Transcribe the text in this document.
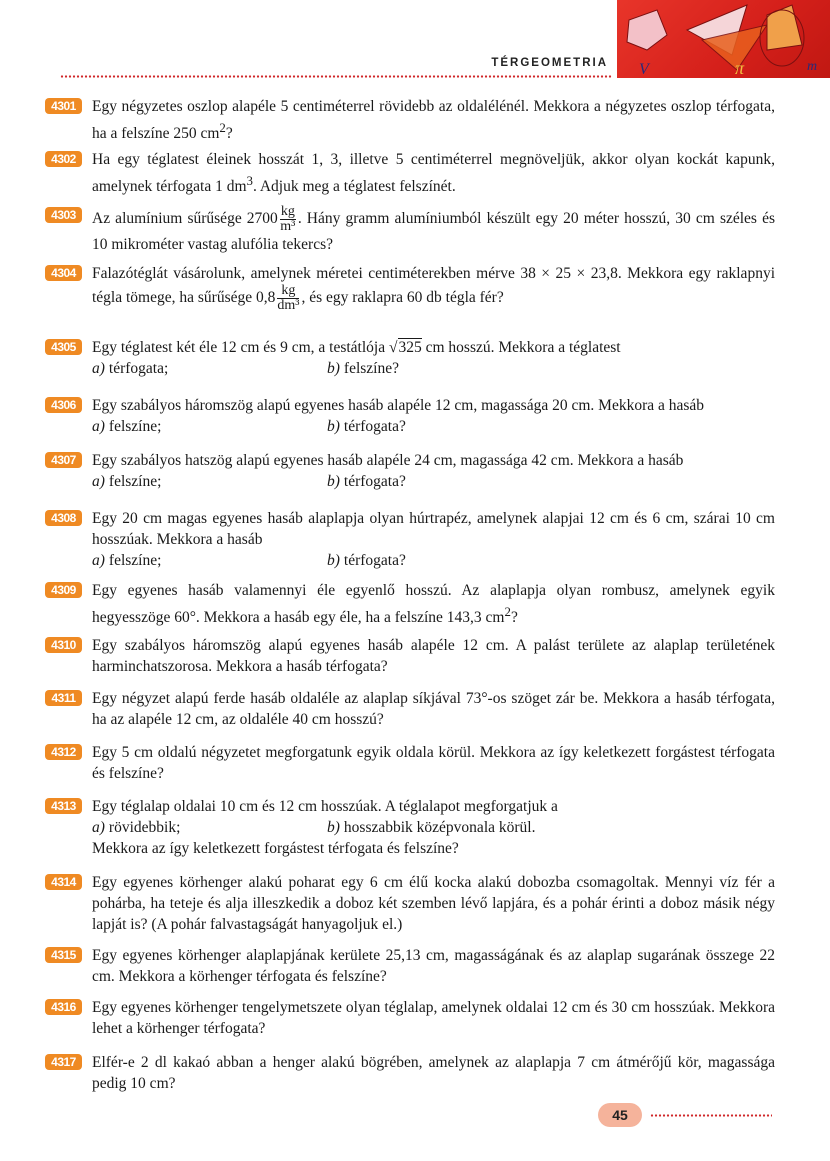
V	π	m
TÉRGEOMETRIA
4301	Egy négyzetes oszlop alapéle 5 centiméterrel rövidebb az oldalélénél. Mekkora a négyzetes oszlop térfogata, ha a felszíne 250 $cm^2$?
4302	Ha egy téglatest éleinek hosszát 1, 3, illetve 5 centiméterrel megnöveljük, akkor olyan kockát kapunk, amelynek térfogata 1 $dm^3$. Adjuk meg a téglatest felszínét.
4303	Az alumínium sűrűsége $2700 \frac{kg}{\text{m³}}$ . Hány gramm alumíniumból készült egy 20 méter hosszú, 30 cm széles és 10 mikrométer vastag alufólia tekercs?
4304	Falazótéglát vásárolunk, amelynek méretei centiméterekben mérve 38 × 25 × 23,8. Mekkora egy raklapnyi tégla tömege, ha sűrűsége $0,8 \frac{kg}{\text{dm³}}$ , és egy raklapra 60 db tégla fér?
4305	Egy téglatest két éle 12 cm és 9 cm, a testátlója √325 cm hosszú. Mekkora a téglatest
a) térfogata;	b) felszíne?
4306	Egy szabályos háromszög alapú egyenes hasáb alapéle 12 cm, magassága 20 cm. Mekkora a hasáb
a) felszíne;	b) térfogata?
4307	Egy szabályos hatszög alapú egyenes hasáb alapéle 24 cm, magassága 42 cm. Mekkora a hasáb
a) felszíne;	b) térfogata?
4308	Egy 20 cm magas egyenes hasáb alaplapja olyan húrtrapéz, amelynek alapjai 12 cm és 6 cm, szárai 10 cm hosszúak. Mekkora a hasáb
a) felszíne;	b) térfogata?
4309	Egy egyenes hasáb valamennyi éle egyenlő hosszú. Az alaplapja olyan rombusz, amelynek egyik hegyesszöge 60°. Mekkora a hasáb egy éle, ha a felszíne 143,3 $cm^2$?
4310	Egy szabályos háromszög alapú egyenes hasáb alapéle 12 cm. A palást területe az alaplap területének harminchatszorosa. Mekkora a hasáb térfogata?
4311	Egy négyzet alapú ferde hasáb oldaléle az alaplap síkjával 73°-os szöget zár be. Mekkora a hasáb térfogata, ha az alapéle 12 cm, az oldaléle 40 cm hosszú?
4312	Egy 5 cm oldalú négyzetet megforgatunk egyik oldala körül. Mekkora az így keletkezett forgástest térfogata és felszíne?
4313	Egy téglalap oldalai 10 cm és 12 cm hosszúak. A téglalapot megforgatjuk a
a) rövidebbik;	b) hosszabbik középvonala körül.
Mekkora az így keletkezett forgástest térfogata és felszíne?
4314	Egy egyenes körhenger alakú poharat egy 6 cm élű kocka alakú dobozba csomagoltak. Mennyi víz fér a pohárba, ha teteje és alja illeszkedik a doboz két szemben lévő lapjára, és a pohár érinti a doboz másik négy lapját is? (A pohár falvastagságát hanyagoljuk el.)
4315	Egy egyenes körhenger alaplapjának kerülete 25,13 cm, magasságának és az alaplap sugarának összege 22 cm. Mekkora a körhenger térfogata és felszíne?
4316	Egy egyenes körhenger tengelymetszete olyan téglalap, amelynek oldalai 12 cm és 30 cm hosszúak. Mekkora lehet a körhenger térfogata?
4317	Elfér-e 2 dl kakaó abban a henger alakú bögrében, amelynek az alaplapja 7 cm átmérőjű kör, magassága pedig 10 cm?
45
